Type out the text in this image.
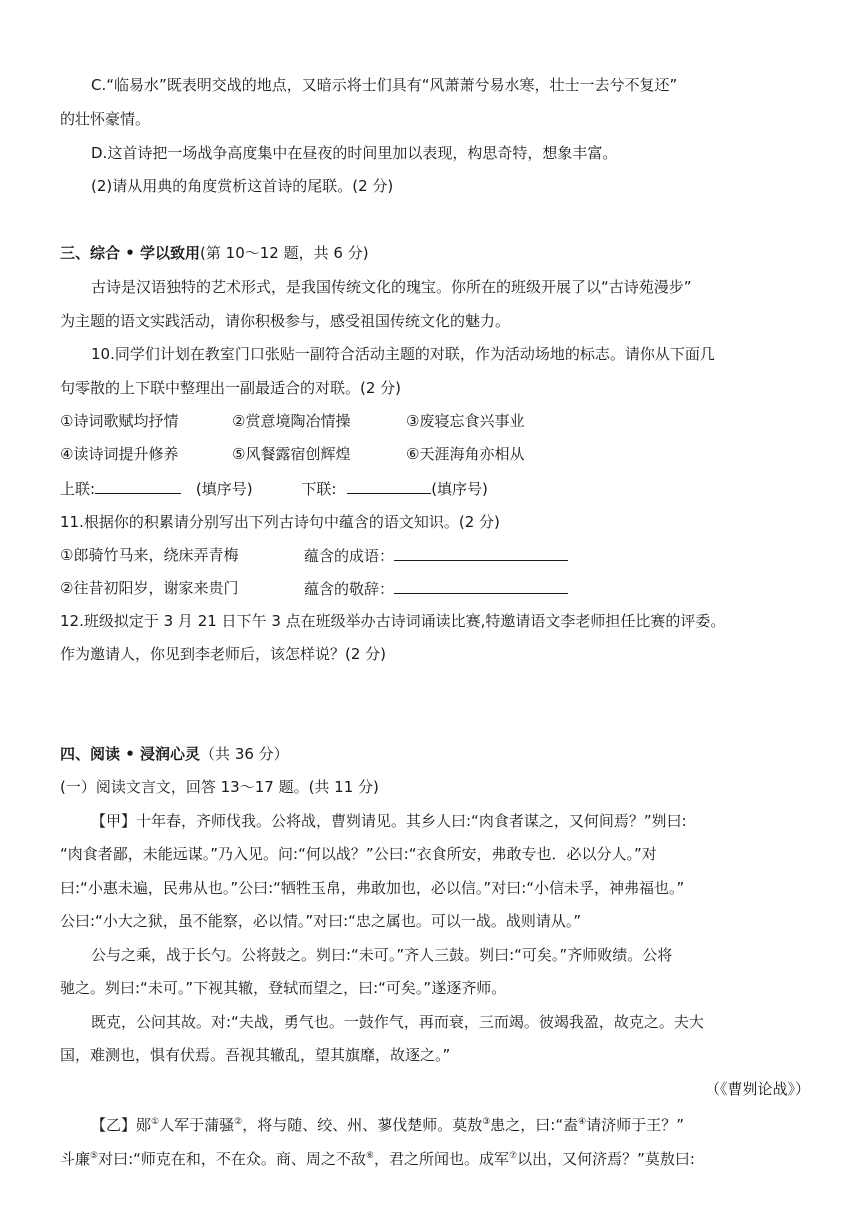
C.“临易水”既表明交战的地点，又暗示将士们具有“风萧萧兮易水寒，壮士一去兮不复还”
的壮怀豪情。
D.这首诗把一场战争高度集中在昼夜的时间里加以表现，构思奇特，想象丰富。
(2)请从用典的角度赏析这首诗的尾联。(2 分)
三、综合 • 学以致用(第 10～12 题，共 6 分)
古诗是汉语独特的艺术形式，是我国传统文化的瑰宝。你所在的班级开展了以“古诗苑漫步”
为主题的语文实践活动，请你积极参与，感受祖国传统文化的魅力。
10.同学们计划在教室门口张贴一副符合活动主题的对联，作为活动场地的标志。请你从下面几
句零散的上下联中整理出一副最适合的对联。(2 分)
①诗词歌赋均抒情	②赏意境陶冶情操	③废寝忘食兴事业
④读诗词提升修养	⑤风餐露宿创辉煌	⑥天涯海角亦相从
上联:	(填序号)	下联:	(填序号)
11.根据你的积累请分别写出下列古诗句中蕴含的语文知识。(2 分)
①郎骑竹马来，绕床弄青梅	蕴含的成语：
②往昔初阳岁，谢家来贵门	蕴含的敬辞：
12.班级拟定于 3 月 21 日下午 3 点在班级举办古诗词诵读比赛,特邀请语文李老师担任比赛的评委。
作为邀请人，你见到李老师后，该怎样说？(2 分)
四、阅读 • 浸润心灵（共 36 分）
(一）阅读文言文，回答 13～17 题。(共 11 分)
【甲】十年春，齐师伐我。公将战，曹刿请见。其乡人曰:“肉食者谋之，又何间焉？”刿曰:
“肉食者鄙，未能远谋。”乃入见。问:“何以战？”公曰:“衣食所安，弗敢专也．必以分人。”对
曰:“小惠未遍，民弗从也。”公曰:“牺牲玉帛，弗敢加也，必以信。”对曰:“小信未孚，神弗福也。”
公曰:“小大之狱，虽不能察，必以情。”对曰:“忠之属也。可以一战。战则请从。”
公与之乘，战于长勺。公将鼓之。刿曰:“未可。”齐人三鼓。刿曰:“可矣。”齐师败绩。公将
驰之。刿曰:“未可。”下视其辙，登轼而望之，曰:“可矣。”遂逐齐师。
既克，公问其故。对:“夫战，勇气也。一鼓作气，再而衰，三而竭。彼竭我盈，故克之。夫大
国，难测也，惧有伏焉。吾视其辙乱，望其旗靡，故逐之。”
（《曹刿论战》）
【乙】郧①人军于蒲骚②，将与随、绞、州、蓼伐楚师。莫敖③患之，曰:“盍④请济师于王？”
斗廉⑤对曰:“师克在和，不在众。商、周之不敌⑥，君之所闻也。成军⑦以出，又何济焉？”莫敖曰:
